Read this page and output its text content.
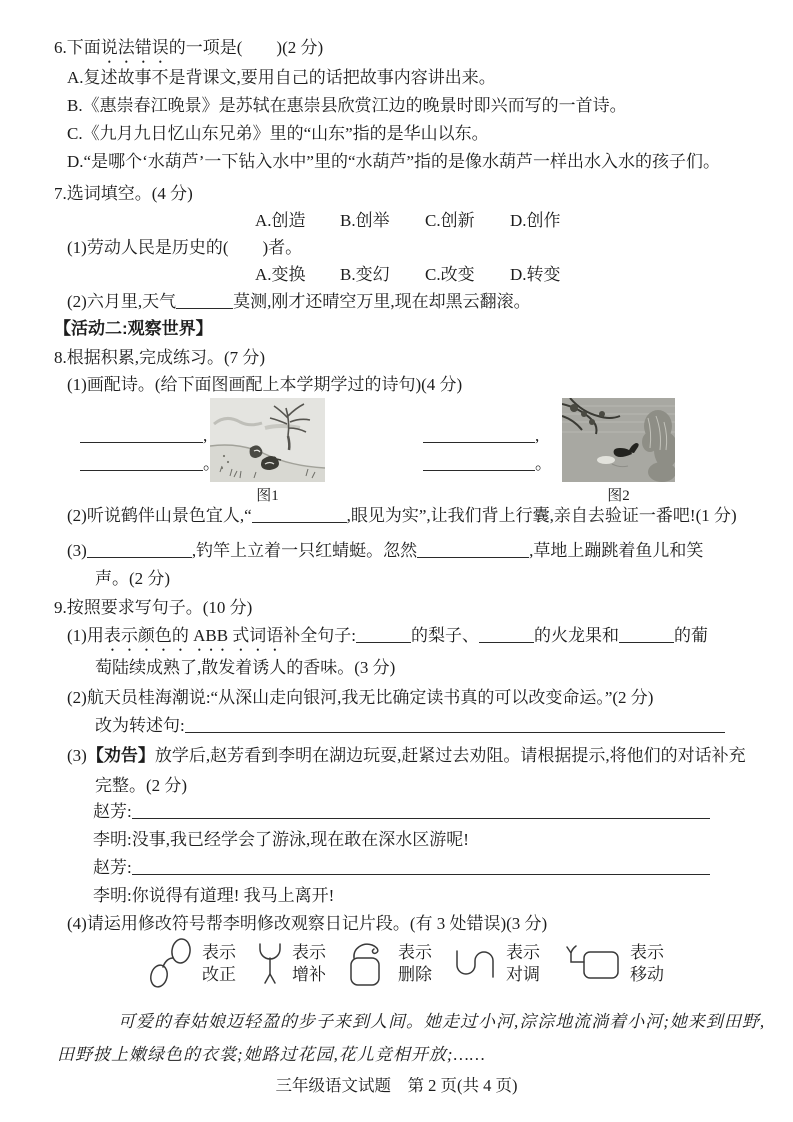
6.下面说法错误的一项是(　　)(2 分)
A.复述故事不是背课文,要用自己的话把故事内容讲出来。
B.《惠崇春江晚景》是苏轼在惠崇县欣赏江边的晚景时即兴而写的一首诗。
C.《九月九日忆山东兄弟》里的“山东”指的是华山以东。
D.“是哪个‘水葫芦’一下钻入水中”里的“水葫芦”指的是像水葫芦一样出水入水的孩子们。
7.选词填空。(4 分)
A.创造 B.创举 C.创新 D.创作
(1)劳动人民是历史的(　　)者。
A.变换 B.变幻 C.改变 D.转变
(2)六月里,天气	莫测,刚才还晴空万里,现在却黑云翻滚。
【活动二:观察世界】
8.根据积累,完成练习。(7 分)
(1)画配诗。(给下面图画配上本学期学过的诗句)(4 分)
图1	图2
,
。
,
。
(2)听说鹤伴山景色宜人,“	,眼见为实”,让我们背上行囊,亲自去验证一番吧!(1 分)
(3)	,钓竿上立着一只红蜻蜓。忽然	,草地上蹦跳着鱼儿和笑
声。(2 分)
9.按照要求写句子。(10 分)
(1)用表示颜色的 ABB 式词语补全句子:	的梨子、	的火龙果和	的葡
萄陆续成熟了,散发着诱人的香味。(3 分)
(2)航天员桂海潮说:“从深山走向银河,我无比确定读书真的可以改变命运。”(2 分)
改为转述句:
(3)【劝告】放学后,赵芳看到李明在湖边玩耍,赶紧过去劝阻。请根据提示,将他们的对话补充
完整。(2 分)
赵芳:
李明:没事,我已经学会了游泳,现在敢在深水区游呢!
赵芳:
李明:你说得有道理! 我马上离开!
(4)请运用修改符号帮李明修改观察日记片段。(有 3 处错误)(3 分)
表示
改正
表示
增补
表示
删除
表示
对调
表示
移动
可爱的春姑娘迈轻盈的步子来到人间。她走过小河,淙淙地流淌着小河;她来到田野,
田野披上嫩绿色的衣裳;她路过花园,花儿竞相开放;……
三年级语文试题　第 2 页(共 4 页)
